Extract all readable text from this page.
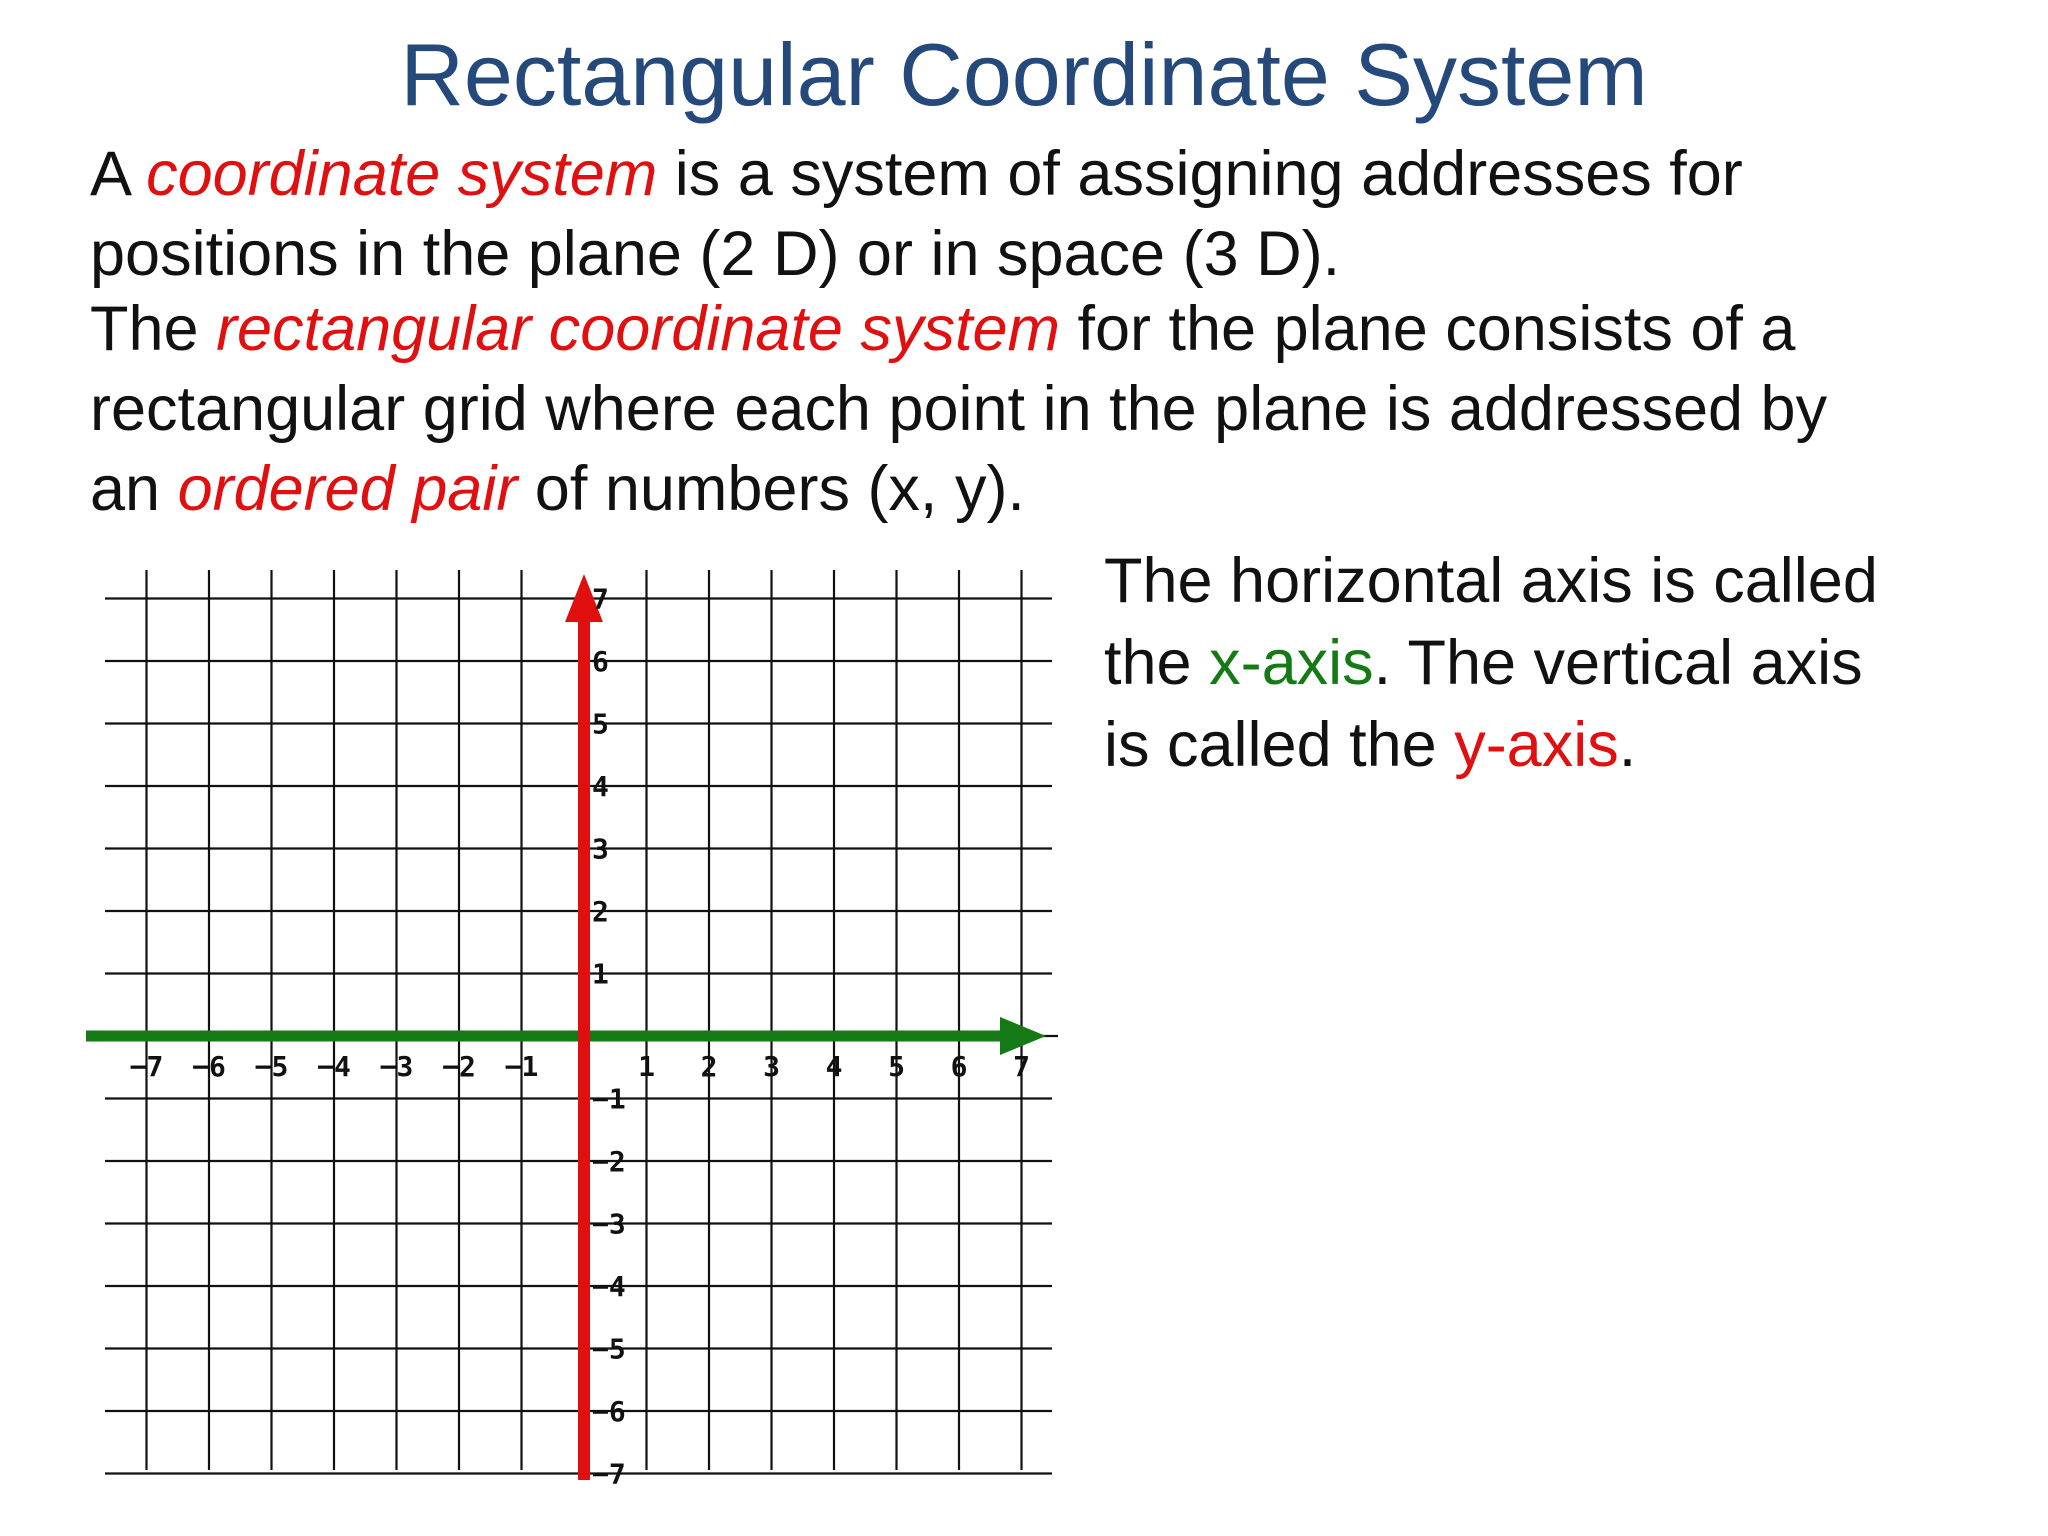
Rectangular Coordinate System

A coordinate system is a system of assigning addresses for
positions in the plane (2 D) or in space (3 D).

The rectangular coordinate system for the plane consists of a
rectangular grid where each point in the plane is addressed by
an ordered pair of numbers (x, y).

−7 −6 −5 −4 −3 −2 −1	1 2 3 4 5 6 7
7
6
5
4
3
2
1
−1
−2
−3
−4
−5
−6
−7
The horizontal axis is called
the x-axis. The vertical axis
is called the y-axis.
